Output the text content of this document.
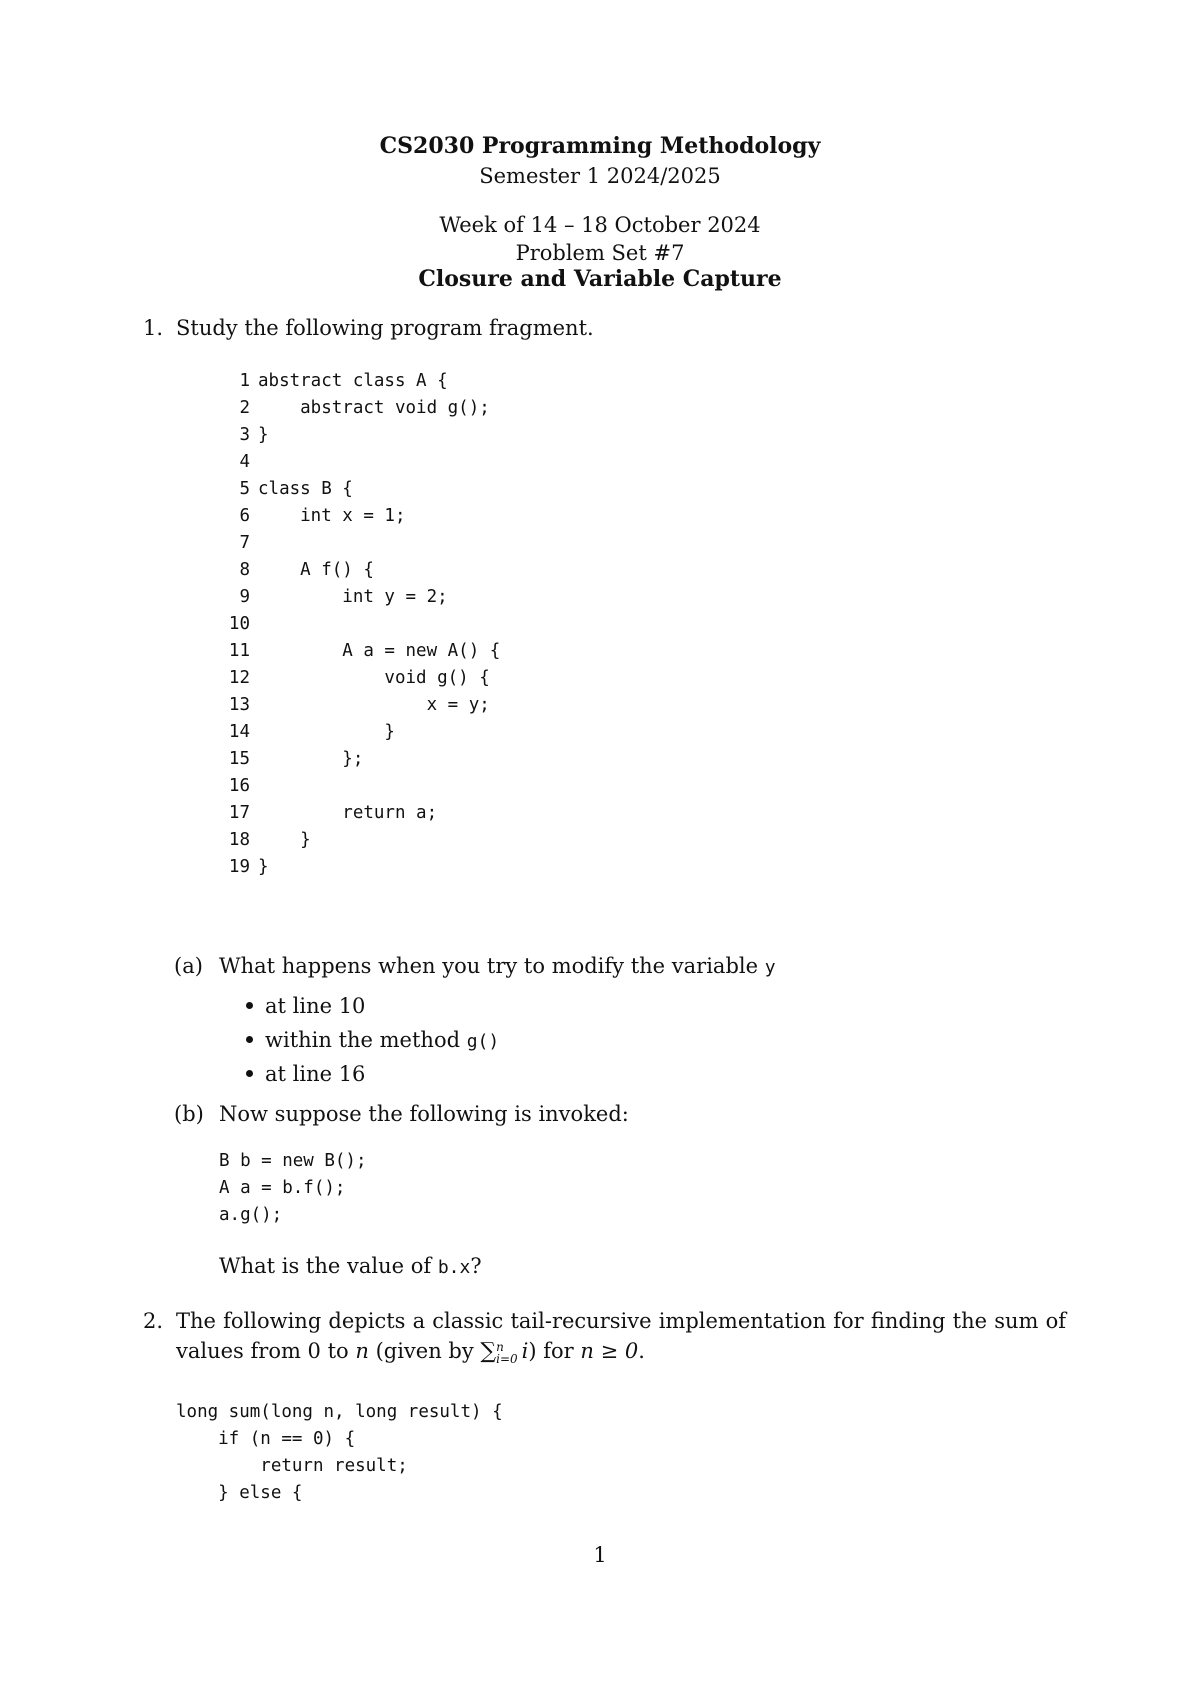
CS2030 Programming Methodology
Semester 1 2024/2025
Week of 14 – 18 October 2024
Problem Set #7
Closure and Variable Capture
1. Study the following program fragment.
1 abstract class A {
2    abstract void g();
3 }
4
5 class B {
6    int x = 1;
7
8    A f() {
9        int y = 2;
10
11        A a = new A() {
12            void g() {
13                x = y;
14            }
15        };
16
17        return a;
18    }
19 }
(a) What happens when you try to modify the variable y
at line 10
within the method g()
at line 16
(b) Now suppose the following is invoked:
B b = new B();
A a = b.f();
a.g();
What is the value of b.x?
2. The following depicts a classic tail-recursive implementation for finding the sum of
values from 0 to n (given by ∑ n
i=0 i) for n ≥ 0.
long sum(long n, long result) {
if (n == 0) {
return result;
} else {
1
